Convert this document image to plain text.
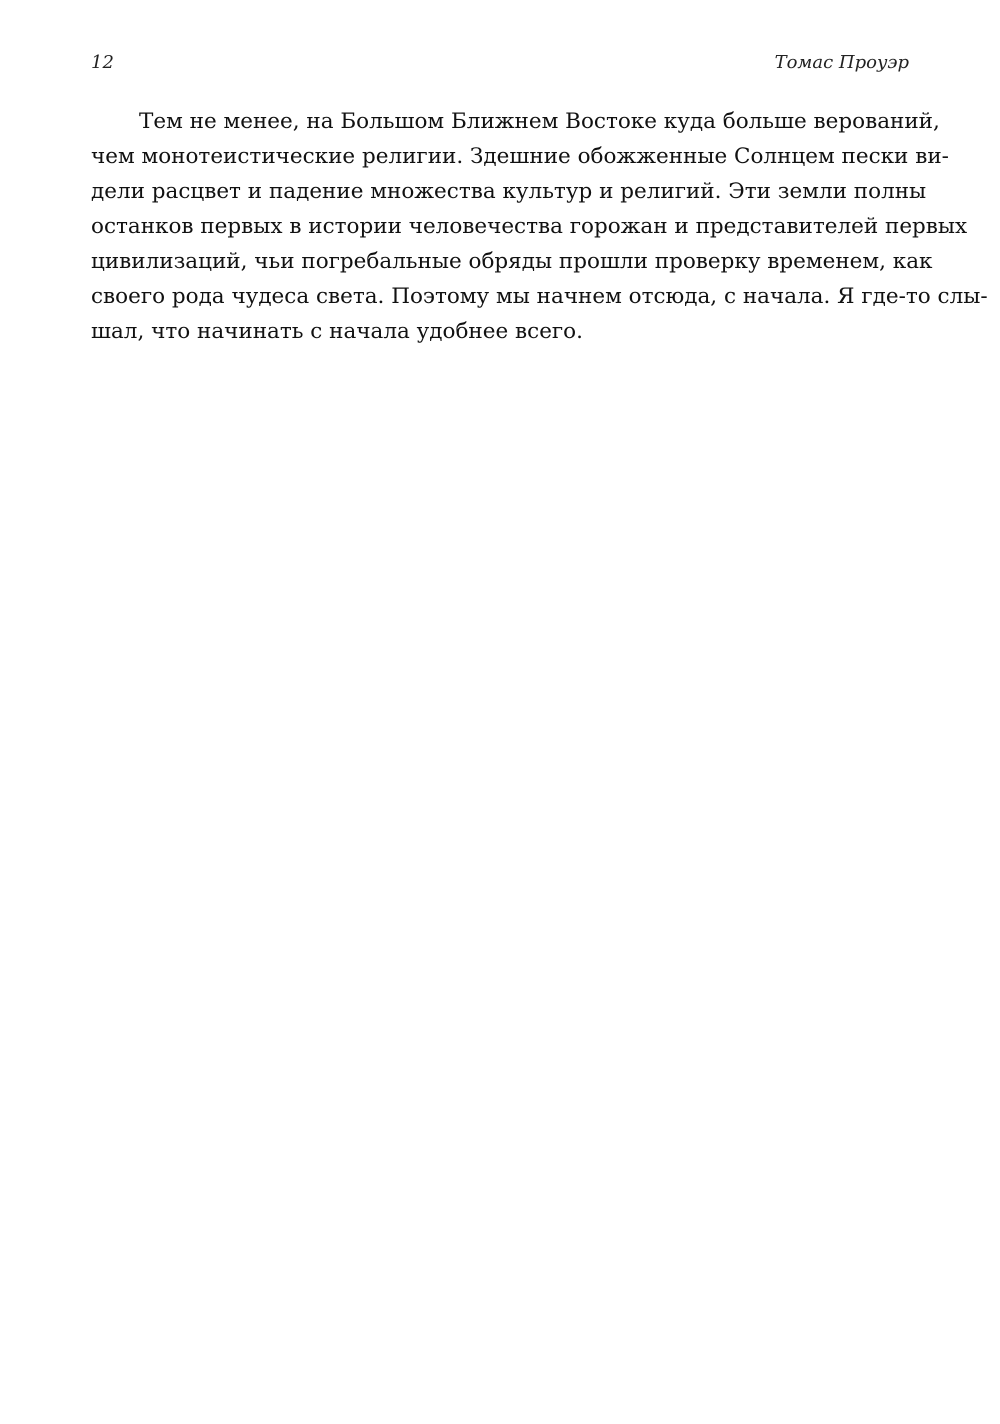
12	Томас Проуэр
Тем не менее, на Большом Ближнем Востоке куда больше верований,
чем монотеистические религии. Здешние обожженные Солнцем пески ви-
дели расцвет и падение множества культур и религий. Эти земли полны
останков первых в истории человечества горожан и представителей первых
цивилизаций, чьи погребальные обряды прошли проверку временем, как
своего рода чудеса света. Поэтому мы начнем отсюда, с начала. Я где-то слы-
шал, что начинать с начала удобнее всего.
